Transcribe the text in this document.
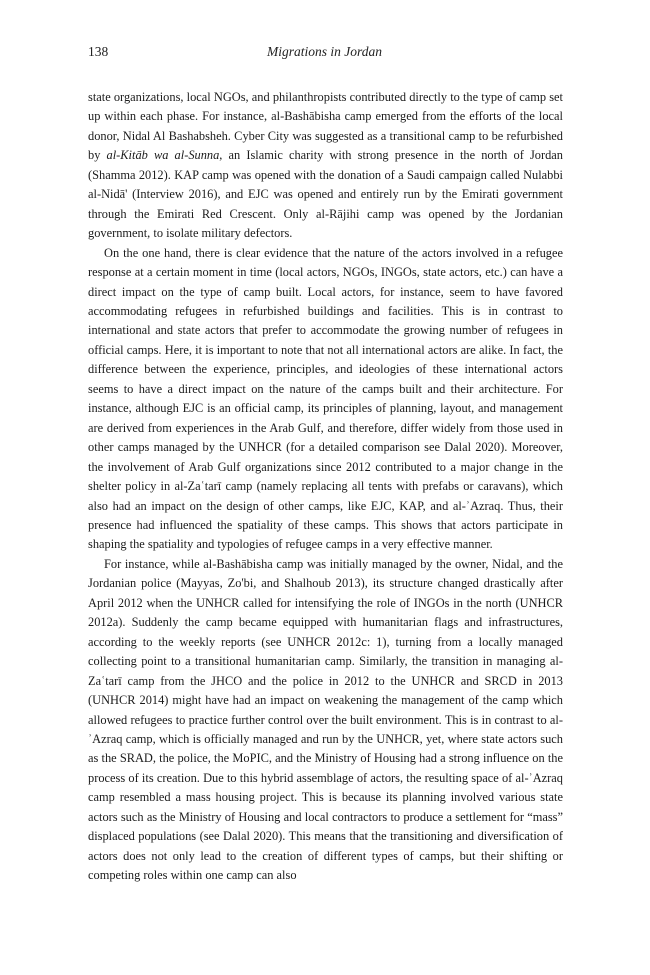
138	Migrations in Jordan

state organizations, local NGOs, and philanthropists contributed directly to the type of camp set up within each phase. For instance, al-Bashābisha camp emerged from the efforts of the local donor, Nidal Al Bashabsheh. Cyber City was suggested as a transitional camp to be refurbished by al-Kitāb wa al-Sunna, an Islamic charity with strong presence in the north of Jordan (Shamma 2012). KAP camp was opened with the donation of a Saudi campaign called Nulabbi al-Nidā' (Interview 2016), and EJC was opened and entirely run by the Emirati government through the Emirati Red Crescent. Only al-Rājihi camp was opened by the Jordanian government, to isolate military defectors.

On the one hand, there is clear evidence that the nature of the actors involved in a refugee response at a certain moment in time (local actors, NGOs, INGOs, state actors, etc.) can have a direct impact on the type of camp built. Local actors, for instance, seem to have favored accommodating refugees in refurbished buildings and facilities. This is in contrast to international and state actors that prefer to accommodate the growing number of refugees in official camps. Here, it is important to note that not all international actors are alike. In fact, the difference between the experience, principles, and ideologies of these international actors seems to have a direct impact on the nature of the camps built and their architecture. For instance, although EJC is an official camp, its principles of planning, layout, and management are derived from experiences in the Arab Gulf, and therefore, differ widely from those used in other camps managed by the UNHCR (for a detailed comparison see Dalal 2020). Moreover, the involvement of Arab Gulf organizations since 2012 contributed to a major change in the shelter policy in al-Zaʿtarī camp (namely replacing all tents with prefabs or caravans), which also had an impact on the design of other camps, like EJC, KAP, and al-ʾAzraq. Thus, their presence had influenced the spatiality of these camps. This shows that actors participate in shaping the spatiality and typologies of refugee camps in a very effective manner.

For instance, while al-Bashābisha camp was initially managed by the owner, Nidal, and the Jordanian police (Mayyas, Zo'bi, and Shalhoub 2013), its structure changed drastically after April 2012 when the UNHCR called for intensifying the role of INGOs in the north (UNHCR 2012a). Suddenly the camp became equipped with humanitarian flags and infrastructures, according to the weekly reports (see UNHCR 2012c: 1), turning from a locally managed collecting point to a transitional humanitarian camp. Similarly, the transition in managing al-Zaʿtarī camp from the JHCO and the police in 2012 to the UNHCR and SRCD in 2013 (UNHCR 2014) might have had an impact on weakening the management of the camp which allowed refugees to practice further control over the built environment. This is in contrast to al-ʾAzraq camp, which is officially managed and run by the UNHCR, yet, where state actors such as the SRAD, the police, the MoPIC, and the Ministry of Housing had a strong influence on the process of its creation. Due to this hybrid assemblage of actors, the resulting space of al-ʾAzraq camp resembled a mass housing project. This is because its planning involved various state actors such as the Ministry of Housing and local contractors to produce a settlement for “mass” displaced populations (see Dalal 2020). This means that the transitioning and diversification of actors does not only lead to the creation of different types of camps, but their shifting or competing roles within one camp can also
